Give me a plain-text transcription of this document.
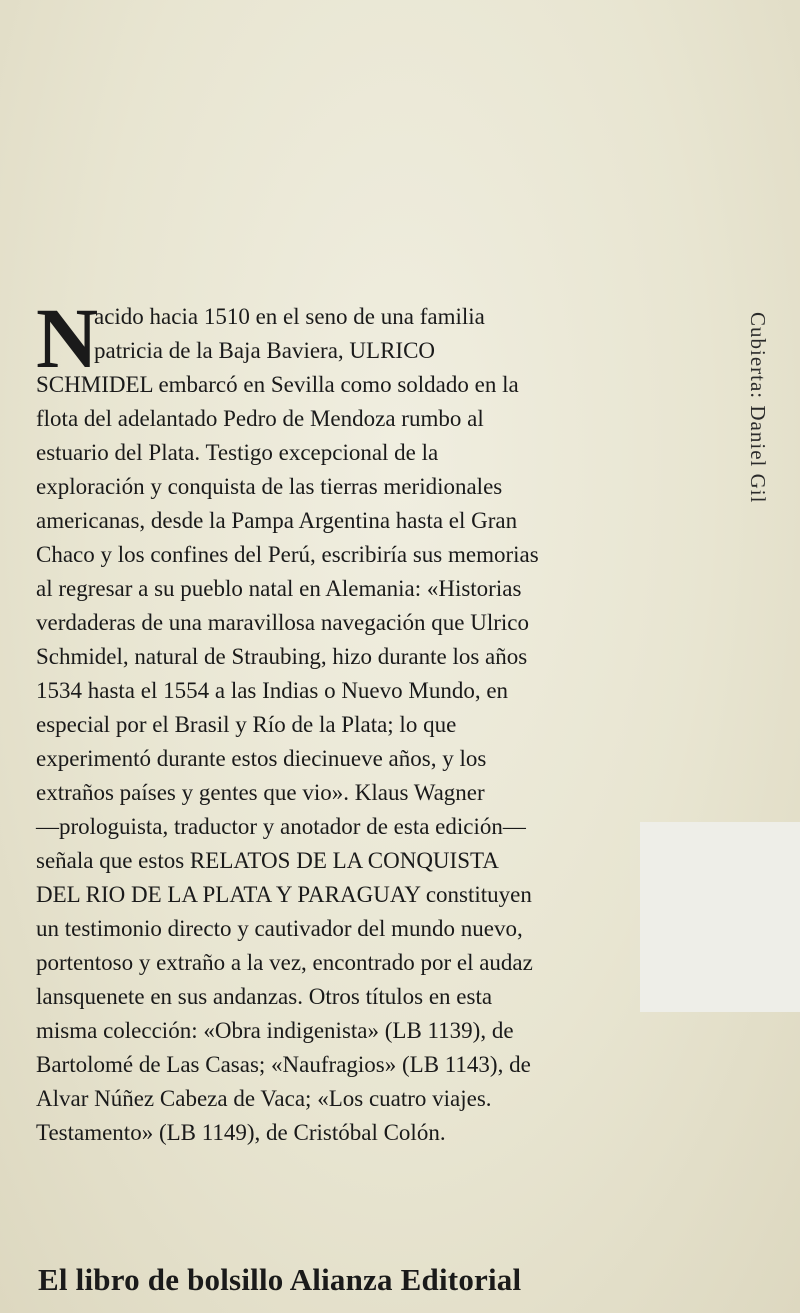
N
acido hacia 1510 en el seno de una familia
patricia de la Baja Baviera, ULRICO
SCHMIDEL embarcó en Sevilla como soldado en la
flota del adelantado Pedro de Mendoza rumbo al
estuario del Plata. Testigo excepcional de la
exploración y conquista de las tierras meridionales
americanas, desde la Pampa Argentina hasta el Gran
Chaco y los confines del Perú, escribiría sus memorias
al regresar a su pueblo natal en Alemania: «Historias
verdaderas de una maravillosa navegación que Ulrico
Schmidel, natural de Straubing, hizo durante los años
1534 hasta el 1554 a las Indias o Nuevo Mundo, en
especial por el Brasil y Río de la Plata; lo que
experimentó durante estos diecinueve años, y los
extraños países y gentes que vio». Klaus Wagner
—prologuista, traductor y anotador de esta edición—
señala que estos RELATOS DE LA CONQUISTA
DEL RIO DE LA PLATA Y PARAGUAY constituyen
un testimonio directo y cautivador del mundo nuevo,
portentoso y extraño a la vez, encontrado por el audaz
lansquenete en sus andanzas. Otros títulos en esta
misma colección: «Obra indigenista» (LB 1139), de
Bartolomé de Las Casas; «Naufragios» (LB 1143), de
Alvar Núñez Cabeza de Vaca; «Los cuatro viajes.
Testamento» (LB 1149), de Cristóbal Colón.
Cubierta: Daniel Gil
El libro de bolsillo Alianza Editorial
